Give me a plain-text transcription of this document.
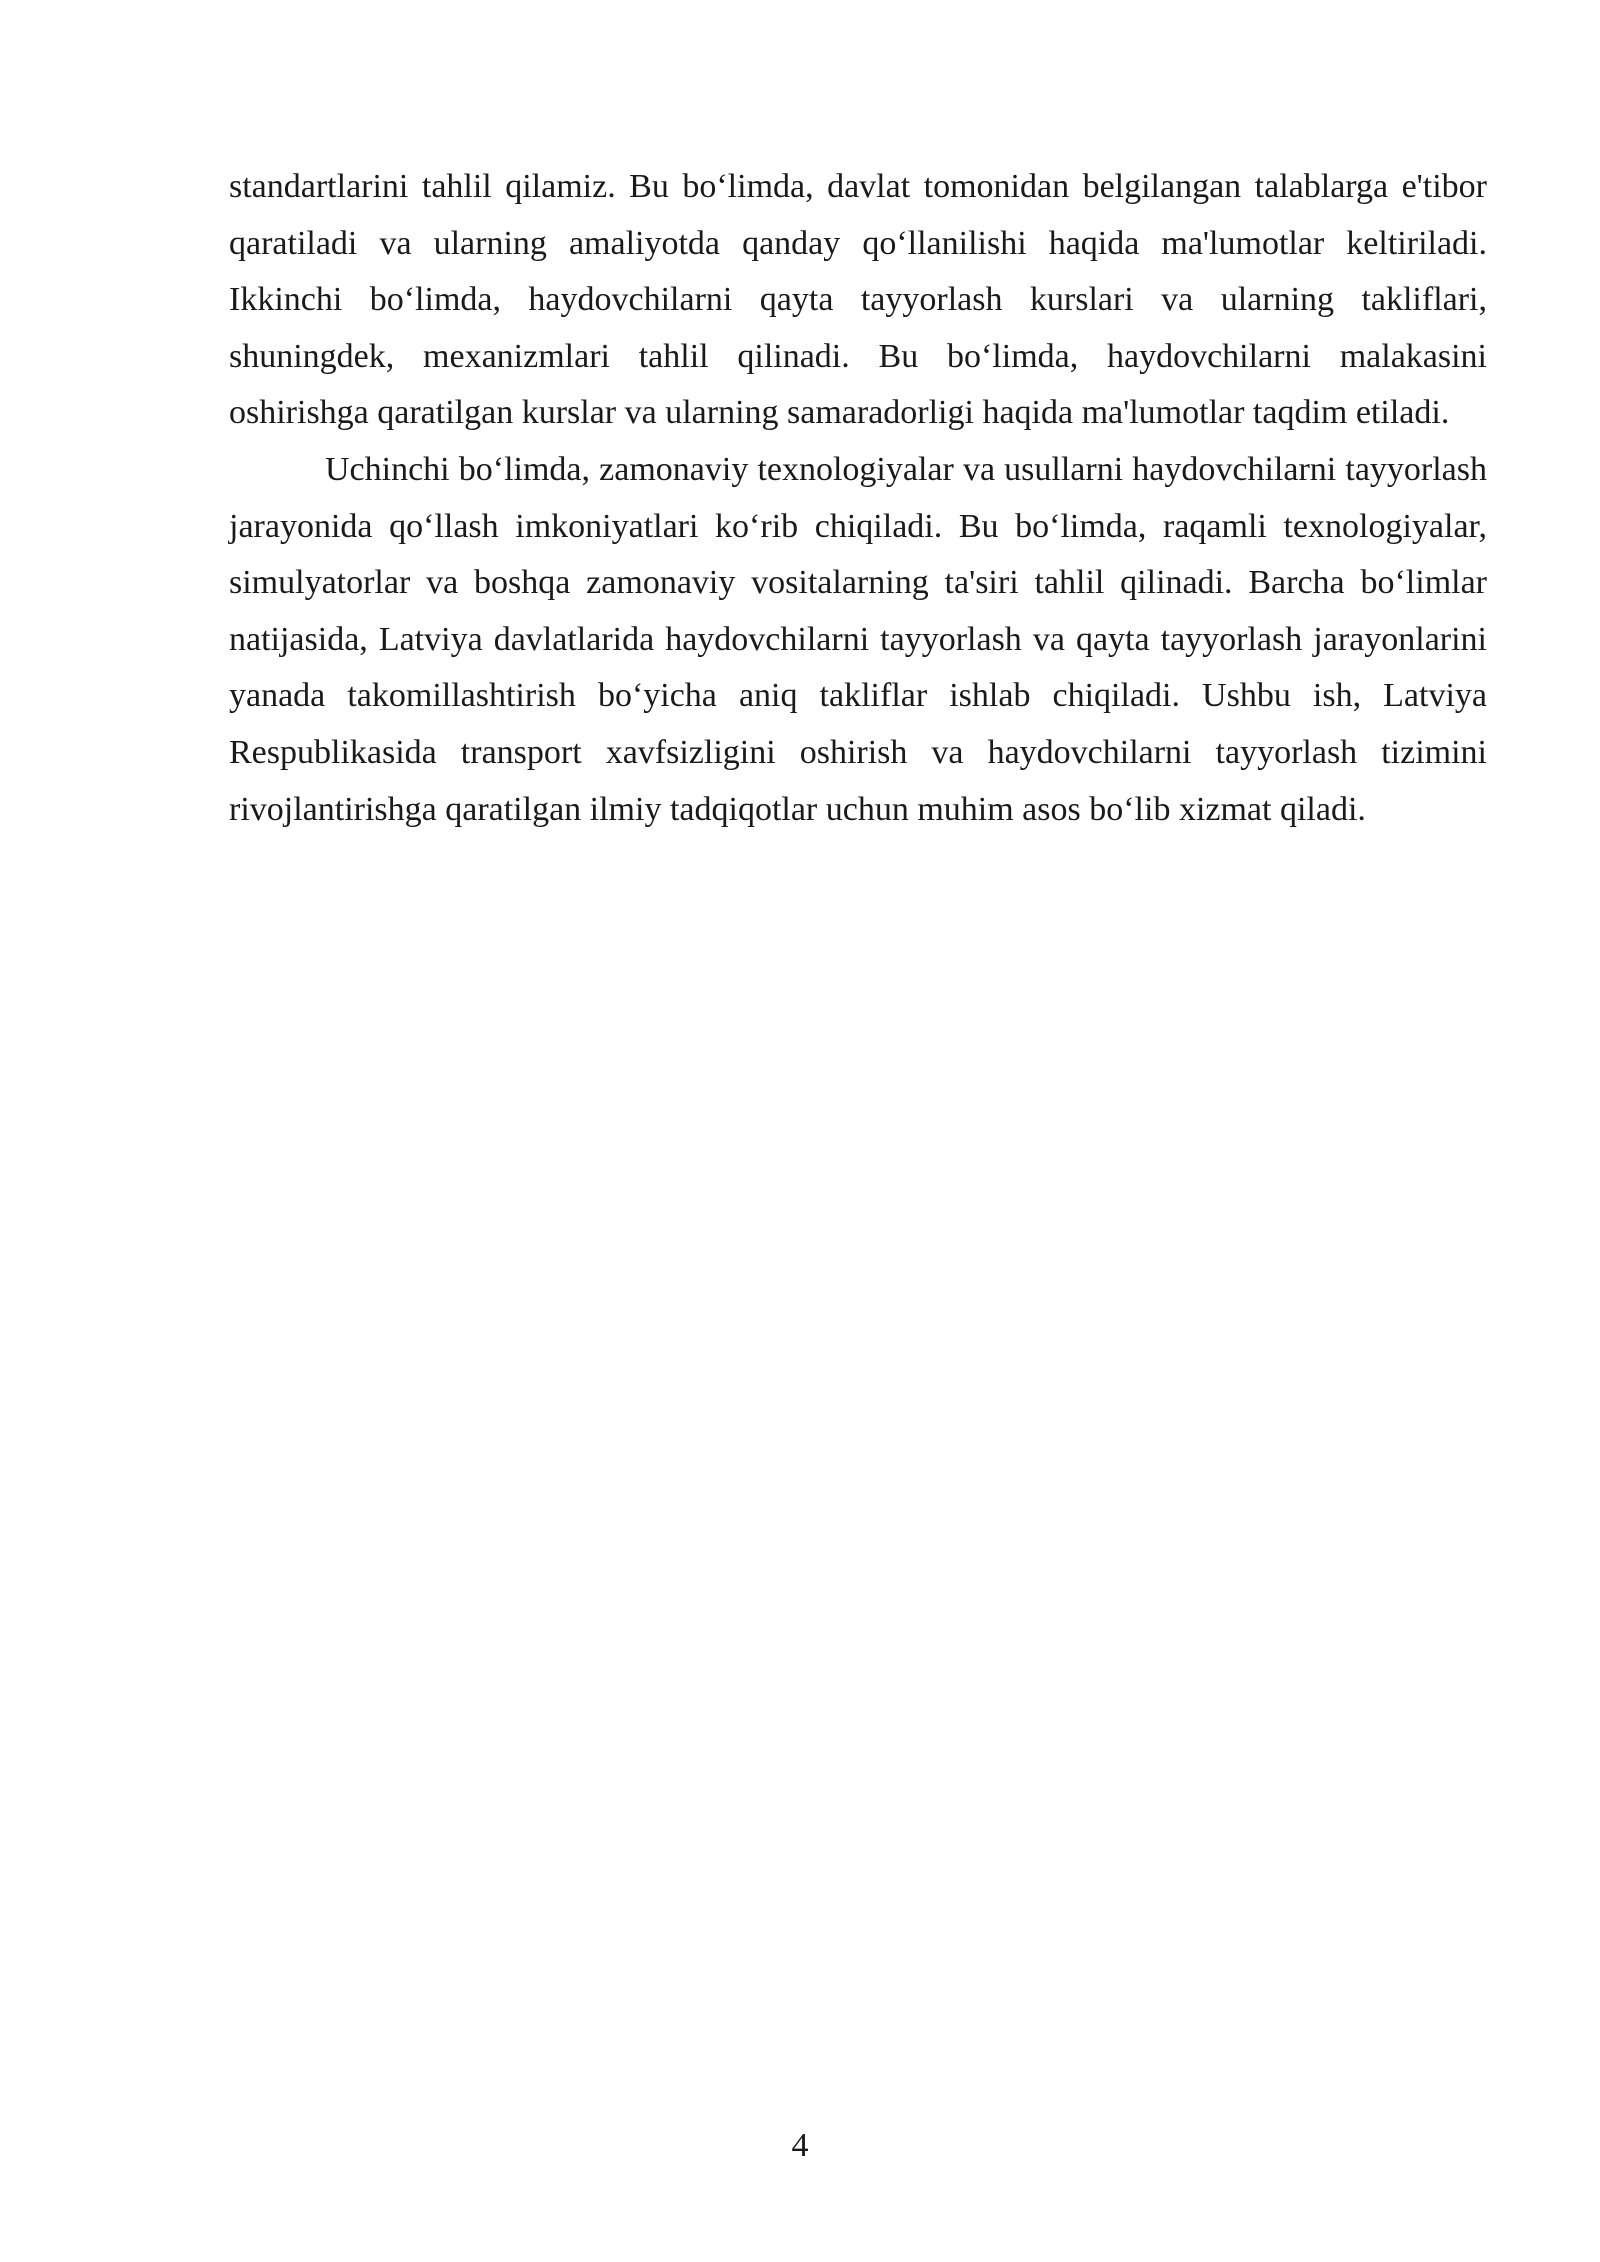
standartlarini tahlil qilamiz. Bu bo‘limda, davlat tomonidan belgilangan talablarga e'tibor qaratiladi va ularning amaliyotda qanday qo‘llanilishi haqida ma'lumotlar keltiriladi. Ikkinchi bo‘limda, haydovchilarni qayta tayyorlash kurslari va ularning takliflari, shuningdek, mexanizmlari tahlil qilinadi. Bu bo‘limda, haydovchilarni malakasini oshirishga qaratilgan kurslar va ularning samaradorligi haqida ma'lumotlar taqdim etiladi.

Uchinchi bo‘limda, zamonaviy texnologiyalar va usullarni haydovchilarni tayyorlash jarayonida qo‘llash imkoniyatlari ko‘rib chiqiladi. Bu bo‘limda, raqamli texnologiyalar, simulyatorlar va boshqa zamonaviy vositalarning ta'siri tahlil qilinadi. Barcha bo‘limlar natijasida, Latviya davlatlarida haydovchilarni tayyorlash va qayta tayyorlash jarayonlarini yanada takomillashtirish bo‘yicha aniq takliflar ishlab chiqiladi. Ushbu ish, Latviya Respublikasida transport xavfsizligini oshirish va haydovchilarni tayyorlash tizimini rivojlantirishga qaratilgan ilmiy tadqiqotlar uchun muhim asos bo‘lib xizmat qiladi.

4
